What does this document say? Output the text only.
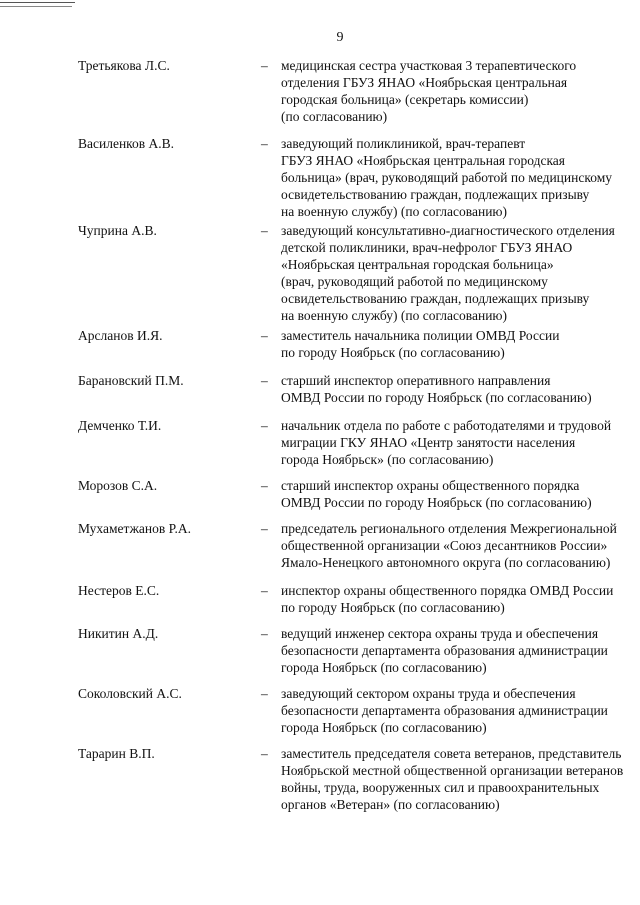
9
Третьякова Л.С.	– медицинская сестра участковая 3 терапевтического
отделения ГБУЗ ЯНАО «Ноябрьская центральная
городская больница» (секретарь комиссии)
(по согласованию)
Василенков А.В.	– заведующий поликлиникой, врач-терапевт
ГБУЗ ЯНАО «Ноябрьская центральная городская
больница» (врач, руководящий работой по медицинскому
освидетельствованию граждан, подлежащих призыву
на военную службу) (по согласованию)
Чуприна А.В.	– заведующий консультативно-диагностического отделения
детской поликлиники, врач-нефролог ГБУЗ ЯНАО
«Ноябрьская центральная городская больница»
(врач, руководящий работой по медицинскому
освидетельствованию граждан, подлежащих призыву
на военную службу) (по согласованию)
Арсланов И.Я.	– заместитель начальника полиции ОМВД России
по городу Ноябрьск (по согласованию)
Барановский П.М.	– старший инспектор оперативного направления
ОМВД России по городу Ноябрьск (по согласованию)
Демченко Т.И.	– начальник отдела по работе с работодателями и трудовой
миграции ГКУ ЯНАО «Центр занятости населения
города Ноябрьск» (по согласованию)
Морозов С.А.	– старший инспектор охраны общественного порядка
ОМВД России по городу Ноябрьск (по согласованию)
Мухаметжанов Р.А.	– председатель регионального отделения Межрегиональной
общественной организации «Союз десантников России»
Ямало-Ненецкого автономного округа (по согласованию)
Нестеров Е.С.	– инспектор охраны общественного порядка ОМВД России
по городу Ноябрьск (по согласованию)
Никитин А.Д.	– ведущий инженер сектора охраны труда и обеспечения
безопасности департамента образования администрации
города Ноябрьск (по согласованию)
Соколовский А.С.	– заведующий сектором охраны труда и обеспечения
безопасности департамента образования администрации
города Ноябрьск (по согласованию)
Тарарин В.П.	– заместитель председателя совета ветеранов, представитель
Ноябрьской местной общественной организации ветеранов
войны, труда, вооруженных сил и правоохранительных
органов «Ветеран» (по согласованию)
